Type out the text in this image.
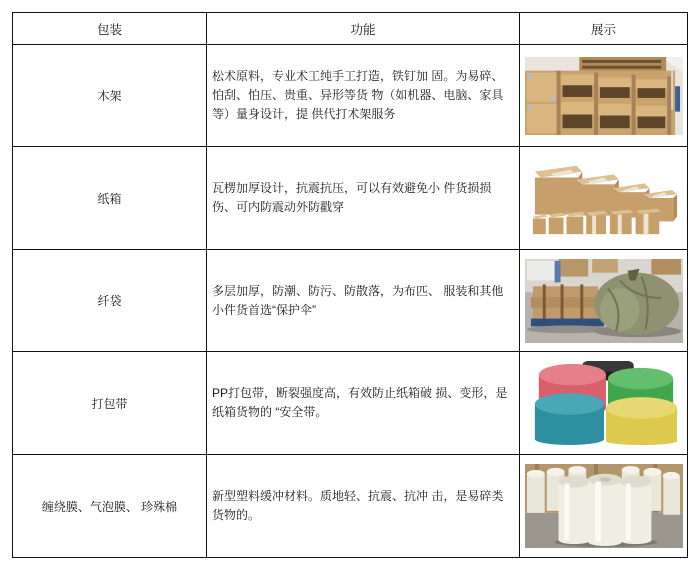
包装	功能	展示
木架
松术原料，专业术工纯手工打造，铁钉加 固。为易碎、怕刮、怕压、贵重、异形等货 物（如机器、电脑、家具等）量身设计，提 供代打术架服务
纸箱
瓦楞加厚设计，抗震抗压，可以有效避免小 件货损损伤、可内防震动外防戳穿
纤袋
多层加厚，防潮、防污、防散落，为布匹、 服装和其他小件货首选“保护伞”
打包带
PP打包带，断裂强度高，有效防止纸箱破 损、变形，是纸箱货物的 “安全带。
缠绕膜、气泡膜、 珍殊棉
新型塑料缓冲材料。质地轻、抗震、抗冲 击，是易碎类货物的。
